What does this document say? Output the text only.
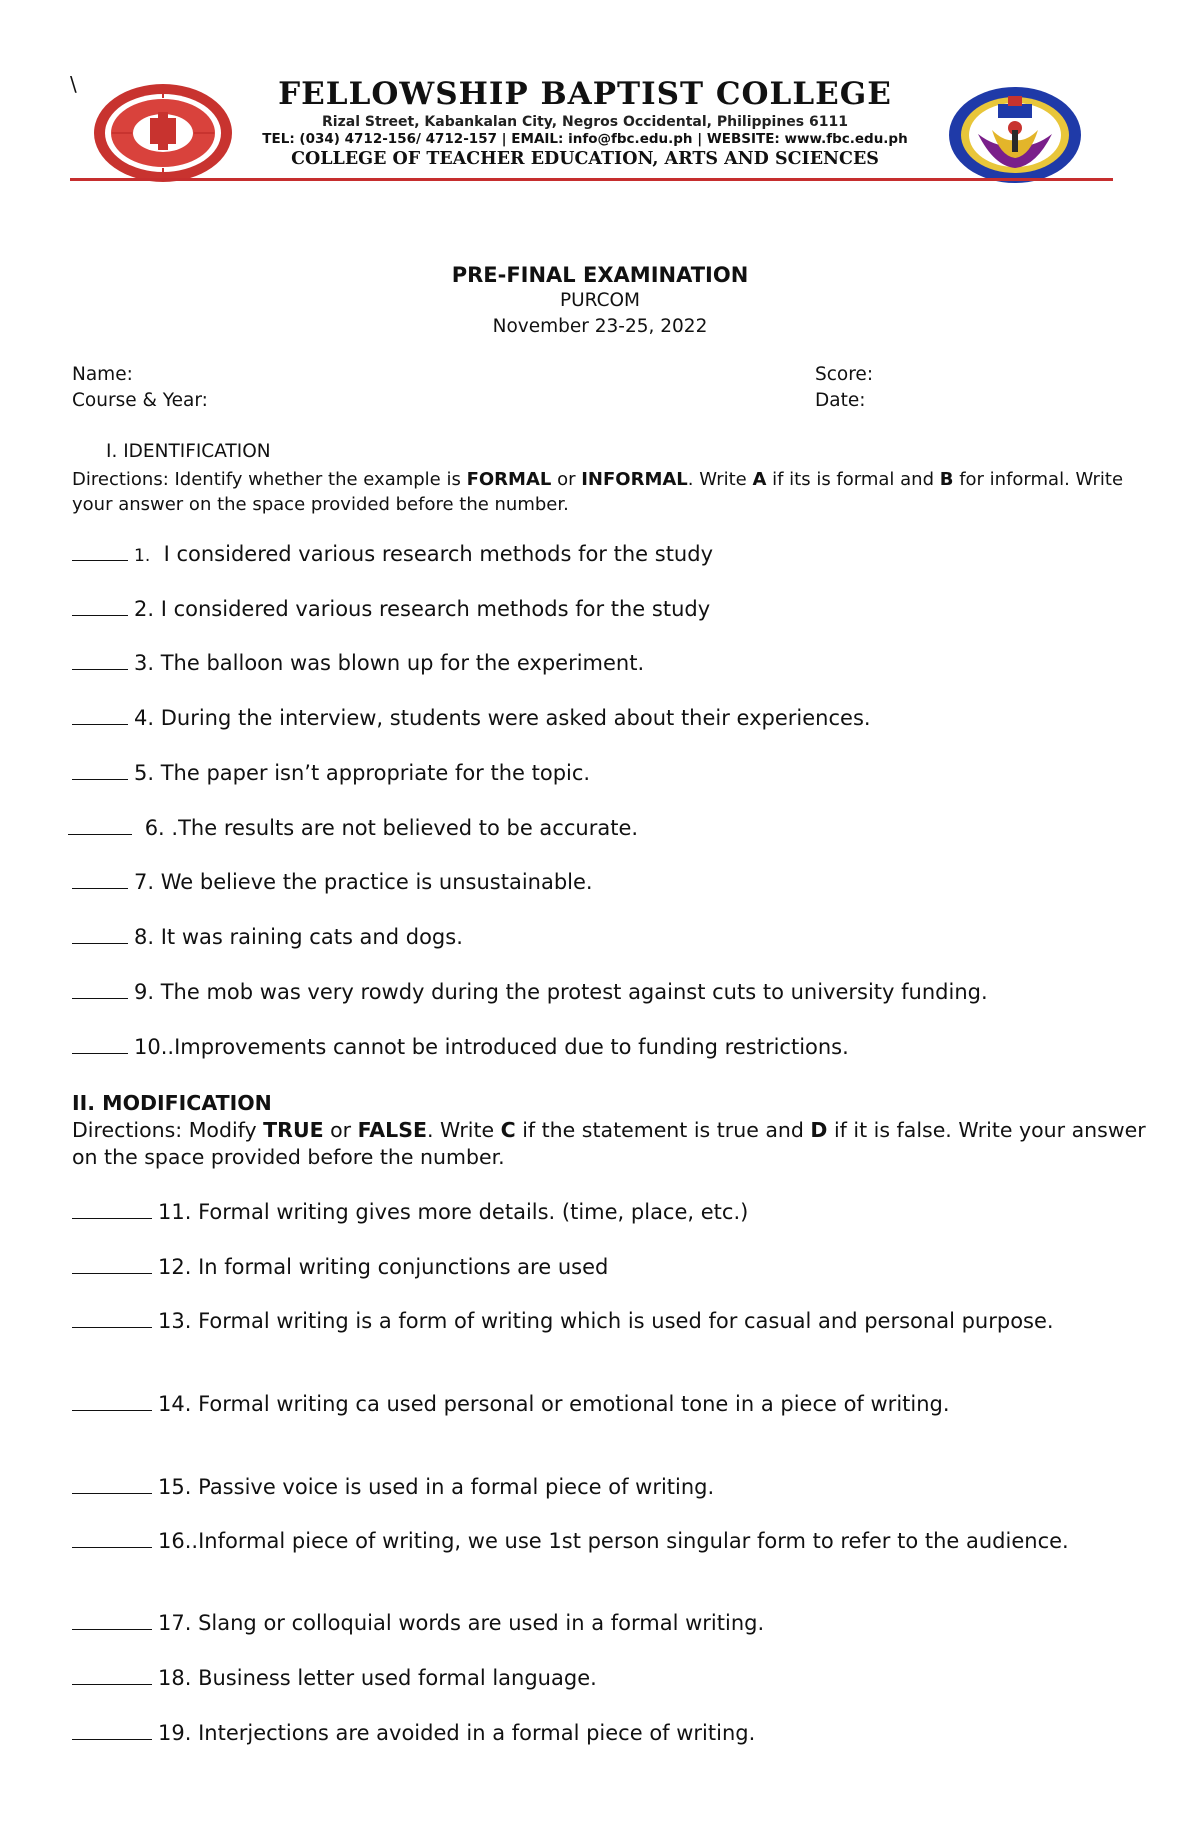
\	FELLOWSHIP BAPTIST COLLEGE
Rizal Street, Kabankalan City, Negros Occidental, Philippines 6111
TEL: (034) 4712-156/ 4712-157 | EMAIL: info@fbc.edu.ph | WEBSITE: www.fbc.edu.ph
COLLEGE OF TEACHER EDUCATION, ARTS AND SCIENCES
PRE-FINAL EXAMINATION
PURCOM
November 23-25, 2022
Name:
Course & Year:
Score:
Date:
I. IDENTIFICATION
Directions: Identify whether the example is FORMAL or INFORMAL. Write A if its is formal and B for informal. Write your answer on the space provided before the number.
1. I considered various research methods for the study
2. I considered various research methods for the study
3. The balloon was blown up for the experiment.
4. During the interview, students were asked about their experiences.
5. The paper isn’t appropriate for the topic.
6. .The results are not believed to be accurate.
7. We believe the practice is unsustainable.
8. It was raining cats and dogs.
9. The mob was very rowdy during the protest against cuts to university funding.
10..Improvements cannot be introduced due to funding restrictions.
II. MODIFICATION
Directions: Modify TRUE or FALSE. Write C if the statement is true and D if it is false. Write your answer on the space provided before the number.
11. Formal writing gives more details. (time, place, etc.)
12. In formal writing conjunctions are used
13. Formal writing is a form of writing which is used for casual and personal purpose.
14. Formal writing ca used personal or emotional tone in a piece of writing.
15. Passive voice is used in a formal piece of writing.
16..Informal piece of writing, we use 1st person singular form to refer to the audience.
17. Slang or colloquial words are used in a formal writing.
18. Business letter used formal language.
19. Interjections are avoided in a formal piece of writing.
